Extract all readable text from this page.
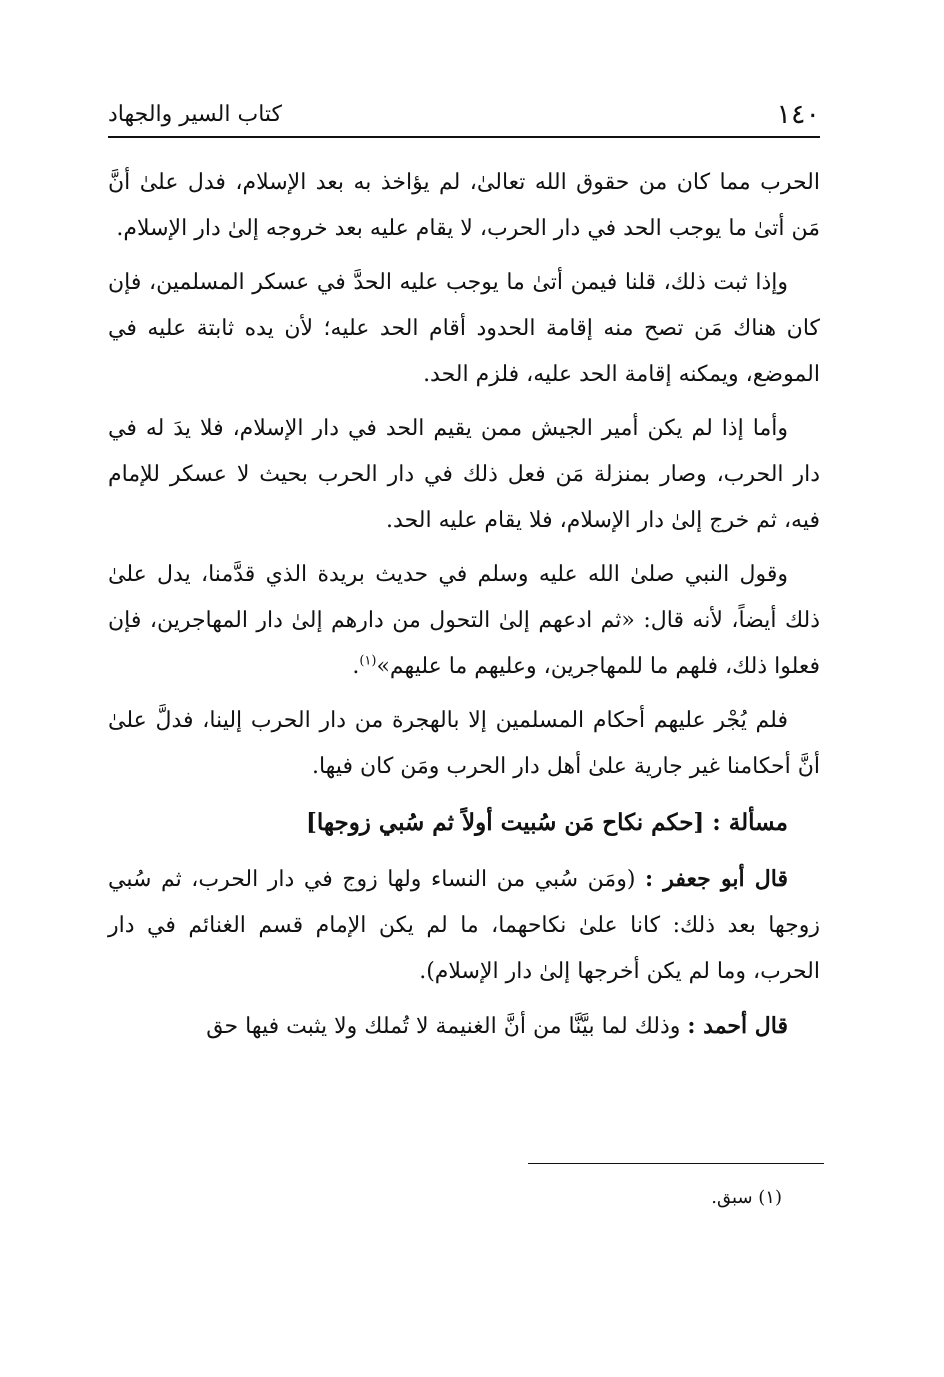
١٤٠
كتاب السير والجهاد

الحرب مما كان من حقوق الله تعالىٰ، لم يؤاخذ به بعد الإسلام، فدل علىٰ أنَّ مَن أتىٰ ما يوجب الحد في دار الحرب، لا يقام عليه بعد خروجه إلىٰ دار الإسلام.

وإذا ثبت ذلك، قلنا فيمن أتىٰ ما يوجب عليه الحدَّ في عسكر المسلمين، فإن كان هناك مَن تصح منه إقامة الحدود أقام الحد عليه؛ لأن يده ثابتة عليه في الموضع، ويمكنه إقامة الحد عليه، فلزم الحد.

وأما إذا لم يكن أمير الجيش ممن يقيم الحد في دار الإسلام، فلا يدَ له في دار الحرب، وصار بمنزلة مَن فعل ذلك في دار الحرب بحيث لا عسكر للإمام فيه، ثم خرج إلىٰ دار الإسلام، فلا يقام عليه الحد.

وقول النبي صلىٰ الله عليه وسلم في حديث بريدة الذي قدَّمنا، يدل علىٰ ذلك أيضاً، لأنه قال: «ثم ادعهم إلىٰ التحول من دارهم إلىٰ دار المهاجرين، فإن فعلوا ذلك، فلهم ما للمهاجرين، وعليهم ما عليهم»$^{(١)}$.

فلم يُجْر عليهم أحكام المسلمين إلا بالهجرة من دار الحرب إلينا، فدلَّ علىٰ أنَّ أحكامنا غير جارية علىٰ أهل دار الحرب ومَن كان فيها.

مسألة : [حكم نكاح مَن سُبيت أولاً ثم سُبي زوجها]

قال أبو جعفر : (ومَن سُبي من النساء ولها زوج في دار الحرب، ثم سُبي زوجها بعد ذلك: كانا علىٰ نكاحهما، ما لم يكن الإمام قسم الغنائم في دار الحرب، وما لم يكن أخرجها إلىٰ دار الإسلام).

قال أحمد : وذلك لما بيَّنَّا من أنَّ الغنيمة لا تُملك ولا يثبت فيها حق

(١) سبق.
